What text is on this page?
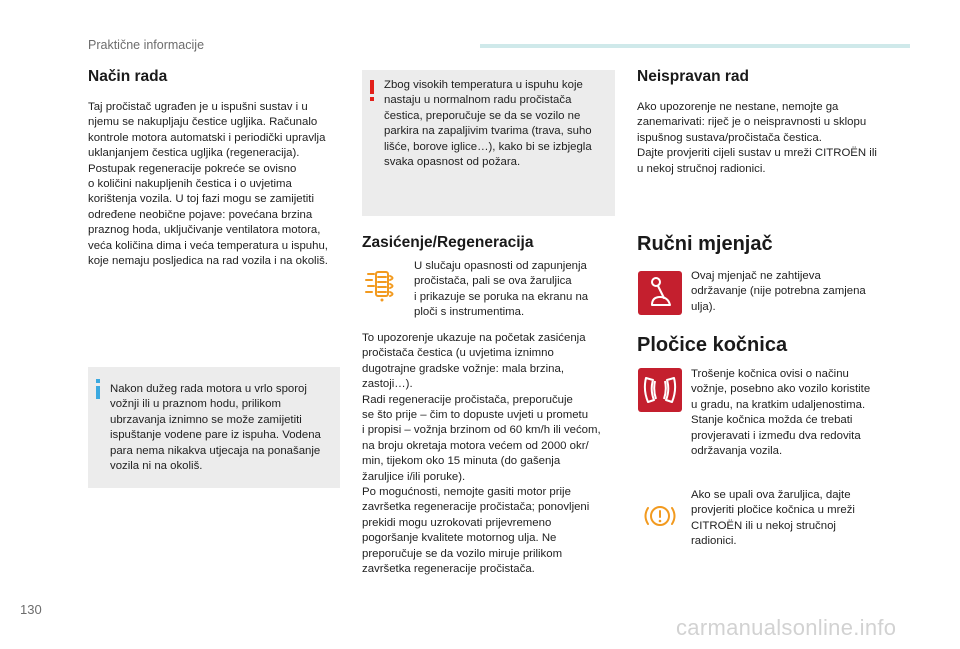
Praktične informacije
Način rada
Taj pročistač ugrađen je u ispušni sustav i u
njemu se nakupljaju čestice ugljika. Računalo
kontrole motora automatski i periodički upravlja
uklanjanjem čestica ugljika (regeneracija).
Postupak regeneracije pokreće se ovisno
o količini nakupljenih čestica i o uvjetima
korištenja vozila. U toj fazi mogu se zamijetiti
određene neobične pojave: povećana brzina
praznog hoda, uključivanje ventilatora motora,
veća količina dima i veća temperatura u ispuhu,
koje nemaju posljedica na rad vozila i na okoliš.
Nakon dužeg rada motora u vrlo sporoj
vožnji ili u praznom hodu, prilikom
ubrzavanja iznimno se može zamijetiti
ispuštanje vodene pare iz ispuha. Vodena
para nema nikakva utjecaja na ponašanje
vozila ni na okoliš.
Zbog visokih temperatura u ispuhu koje
nastaju u normalnom radu pročistača
čestica, preporučuje se da se vozilo ne
parkira na zapaljivim tvarima (trava, suho
lišće, borove iglice…), kako bi se izbjegla
svaka opasnost od požara.
Zasićenje/Regeneracija
U slučaju opasnosti od zapunjenja
pročistača, pali se ova žaruljica
i prikazuje se poruka na ekranu na
ploči s instrumentima.
To upozorenje ukazuje na početak zasićenja
pročistača čestica (u uvjetima iznimno
dugotrajne gradske vožnje: mala brzina,
zastoji…).
Radi regeneracije pročistača, preporučuje
se što prije – čim to dopuste uvjeti u prometu
i propisi – vožnja brzinom od 60 km/h ili većom,
na broju okretaja motora većem od 2000 okr/
min, tijekom oko 15 minuta (do gašenja
žaruljice i/ili poruke).
Po mogućnosti, nemojte gasiti motor prije
završetka regeneracije pročistača; ponovljeni
prekidi mogu uzrokovati prijevremeno
pogoršanje kvalitete motornog ulja. Ne
preporučuje se da vozilo miruje prilikom
završetka regeneracije pročistača.
Neispravan rad
Ako upozorenje ne nestane, nemojte ga
zanemarivati: riječ je o neispravnosti u sklopu
ispušnog sustava/pročistača čestica.
Dajte provjeriti cijeli sustav u mreži CITROËN ili
u nekoj stručnoj radionici.
Ručni mjenjač
Ovaj mjenjač ne zahtijeva
održavanje (nije potrebna zamjena
ulja).
Pločice kočnica
Trošenje kočnica ovisi o načinu
vožnje, posebno ako vozilo koristite
u gradu, na kratkim udaljenostima.
Stanje kočnica možda će trebati
provjeravati i između dva redovita
održavanja vozila.
Ako se upali ova žaruljica, dajte
provjeriti pločice kočnica u mreži
CITROËN ili u nekoj stručnoj
radionici.
130
carmanualsonline.info
